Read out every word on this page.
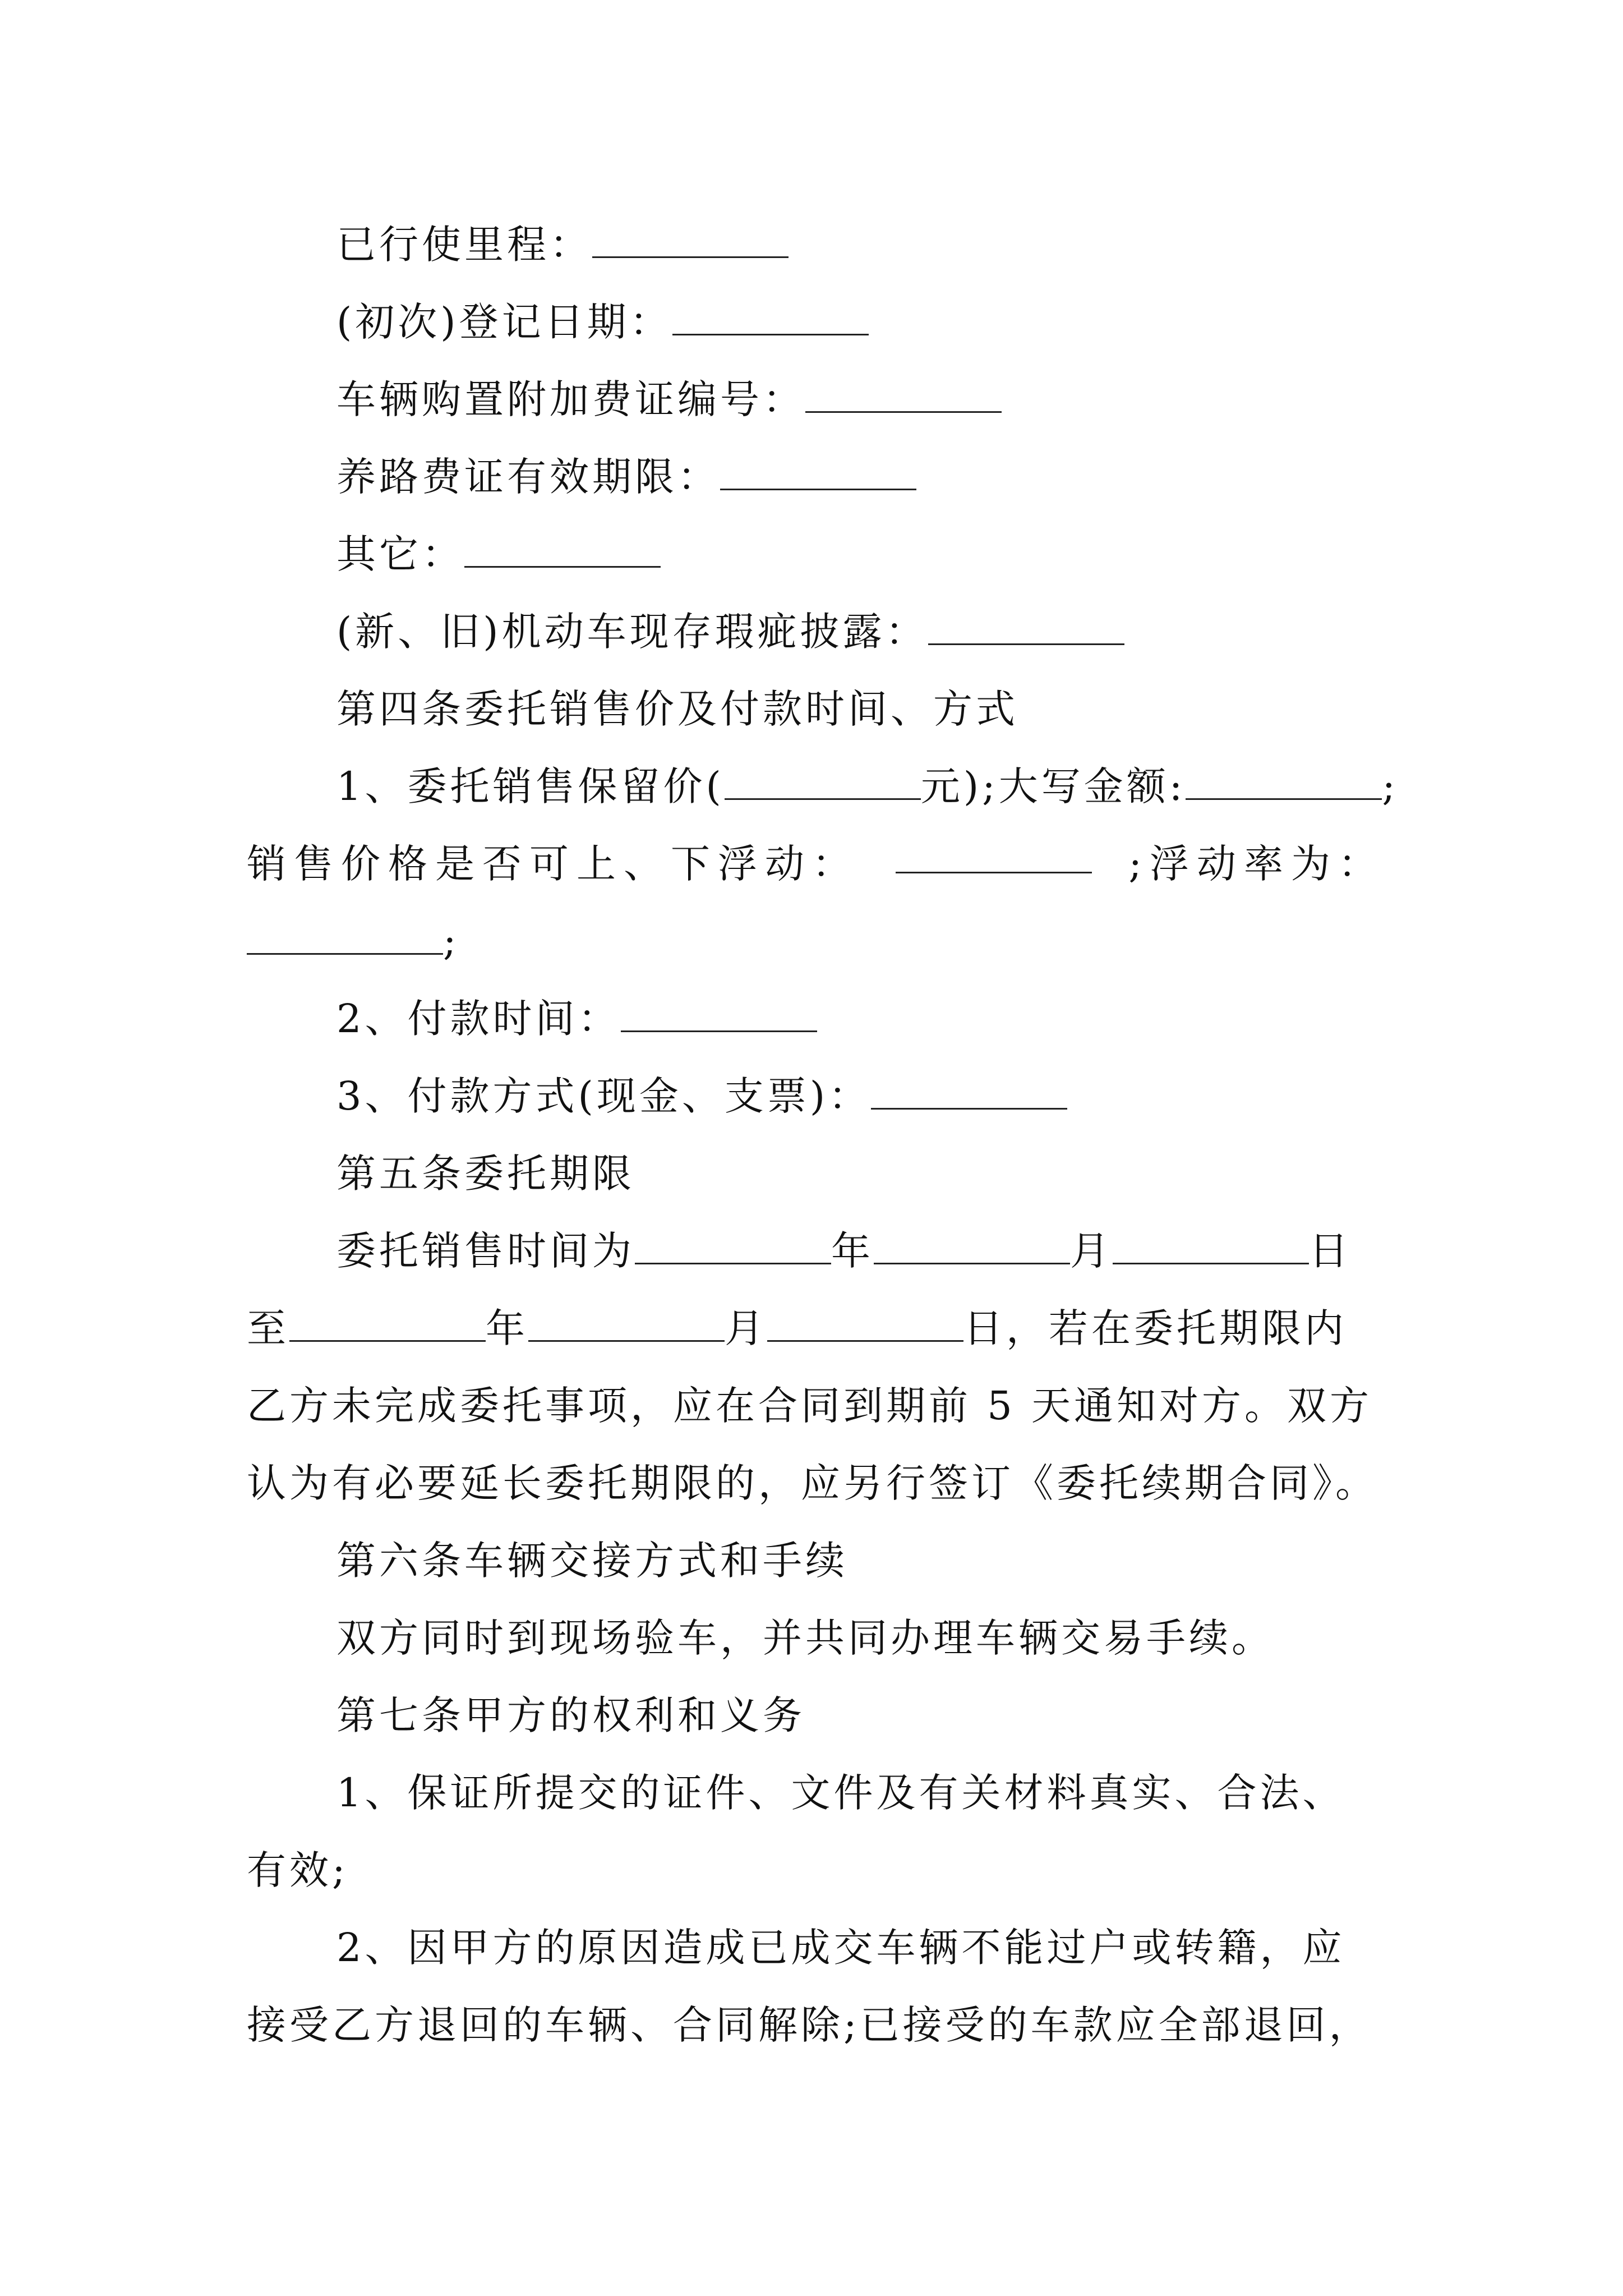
已行使里程：
(初次)登记日期：
车辆购置附加费证编号：
养路费证有效期限：
其它：
(新、旧)机动车现存瑕疵披露：
第四条委托销售价及付款时间、方式
1、委托销售保留价(	元);大写金额:	;
销售价格是否可上、下浮动：	;浮动率为：
;
2、付款时间：
3、付款方式(现金、支票)：
第五条委托期限
委托销售时间为	年	月	日
至	年	月	日，若在委托期限内
乙方未完成委托事项，应在合同到期前 5 天通知对方。双方
认为有必要延长委托期限的，应另行签订《委托续期合同》。
第六条车辆交接方式和手续
双方同时到现场验车，并共同办理车辆交易手续。
第七条甲方的权利和义务
1、保证所提交的证件、文件及有关材料真实、合法、
有效;
2、因甲方的原因造成已成交车辆不能过户或转籍，应
接受乙方退回的车辆、合同解除;已接受的车款应全部退回，
